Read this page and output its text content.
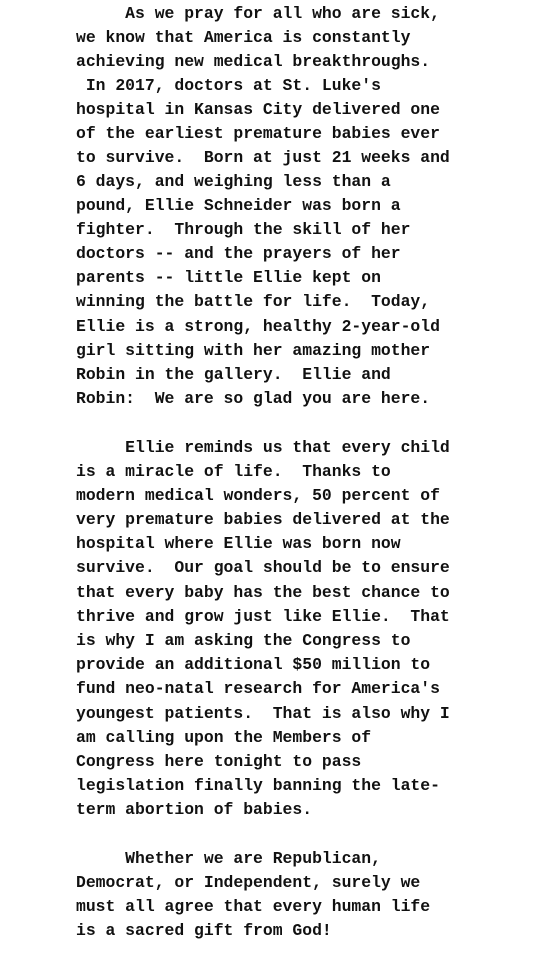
As we pray for all who are sick,
we know that America is constantly
achieving new medical breakthroughs.
In 2017, doctors at St. Luke's
hospital in Kansas City delivered one
of the earliest premature babies ever
to survive.  Born at just 21 weeks and
6 days, and weighing less than a
pound, Ellie Schneider was born a
fighter.  Through the skill of her
doctors -- and the prayers of her
parents -- little Ellie kept on
winning the battle for life.  Today,
Ellie is a strong, healthy 2-year-old
girl sitting with her amazing mother
Robin in the gallery.  Ellie and
Robin:  We are so glad you are here.
Ellie reminds us that every child
is a miracle of life.  Thanks to
modern medical wonders, 50 percent of
very premature babies delivered at the
hospital where Ellie was born now
survive.  Our goal should be to ensure
that every baby has the best chance to
thrive and grow just like Ellie.  That
is why I am asking the Congress to
provide an additional $50 million to
fund neo-natal research for America's
youngest patients.  That is also why I
am calling upon the Members of
Congress here tonight to pass
legislation finally banning the late-
term abortion of babies.
Whether we are Republican,
Democrat, or Independent, surely we
must all agree that every human life
is a sacred gift from God!
